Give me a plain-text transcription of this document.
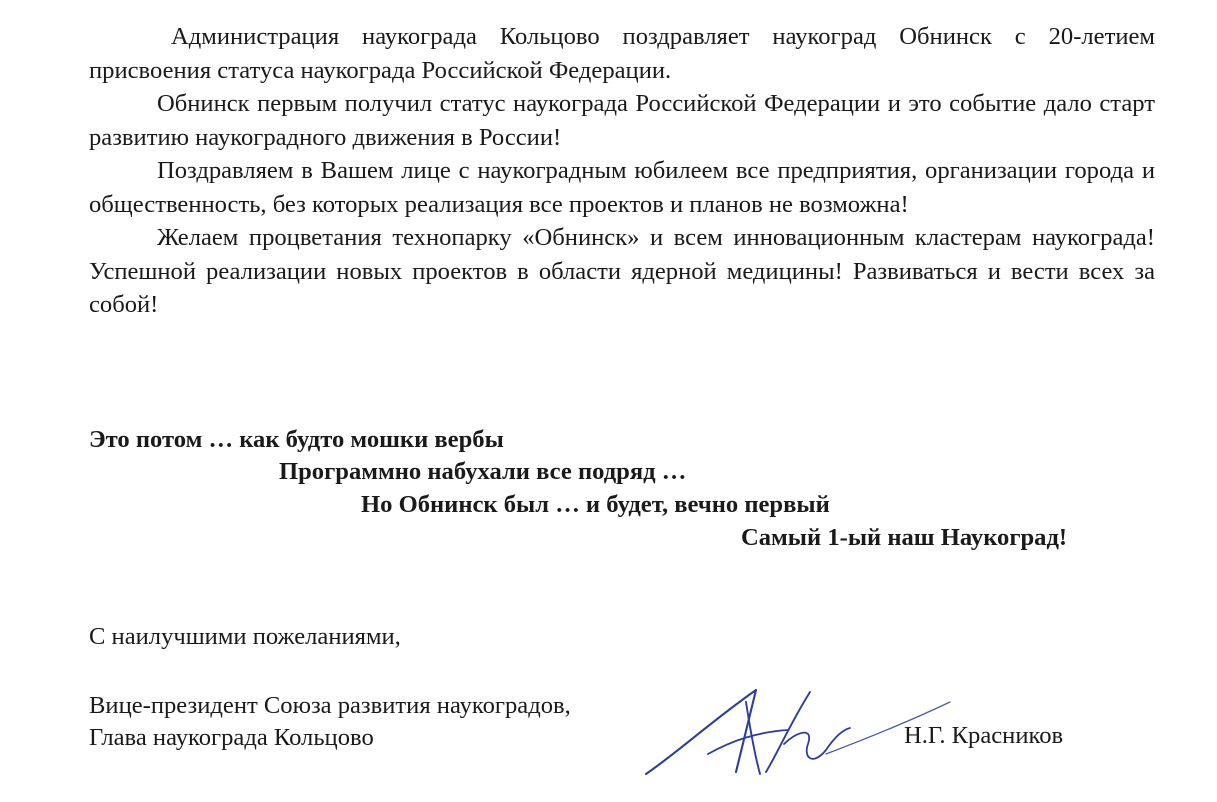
Администрация наукограда Кольцово поздравляет наукоград Обнинск с 20-летием присвоения статуса наукограда Российской Федерации.

Обнинск первым получил статус наукограда Российской Федерации и это событие дало старт развитию наукоградного движения в России!

Поздравляем в Вашем лице с наукоградным юбилеем все предприятия, организации города и общественность, без которых реализация все проектов и планов не возможна!

Желаем процветания технопарку «Обнинск» и всем инновационным кластерам наукограда! Успешной реализации новых проектов в области ядерной медицины! Развиваться и вести всех за собой!

Это потом … как будто мошки вербы
Программно набухали все подряд …
Но Обнинск был … и будет, вечно первый
Самый 1-ый наш Наукоград!
С наилучшими пожеланиями,
Вице-президент Союза развития наукоградов,
Глава наукограда Кольцово	Н.Г. Красников
